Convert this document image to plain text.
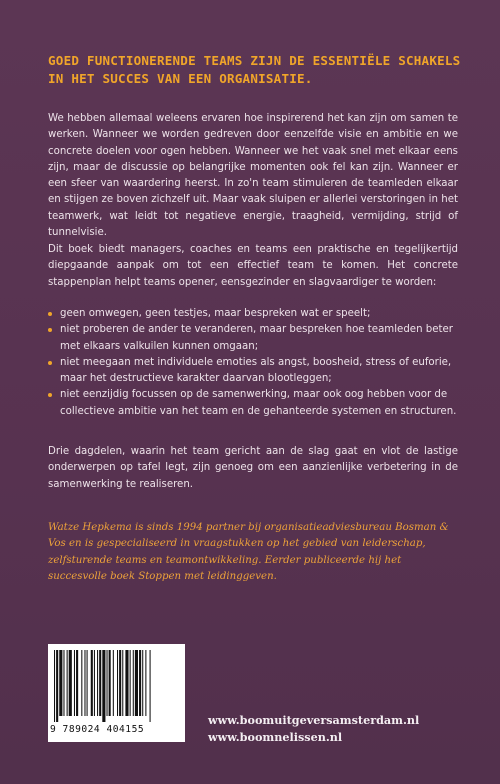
GOED FUNCTIONERENDE TEAMS ZIJN DE ESSENTIËLE SCHAKELS IN HET SUCCES VAN EEN ORGANISATIE.
We hebben allemaal weleens ervaren hoe inspirerend het kan zijn om samen te werken. Wanneer we worden gedreven door eenzelfde visie en ambitie en we concrete doelen voor ogen hebben. Wanneer we het vaak snel met elkaar eens zijn, maar de discussie op belangrijke momenten ook fel kan zijn. Wanneer er een sfeer van waardering heerst. In zo'n team stimuleren de teamleden elkaar en stijgen ze boven zichzelf uit. Maar vaak sluipen er allerlei verstoringen in het teamwerk, wat leidt tot negatieve energie, traagheid, vermijding, strijd of tunnelvisie.
Dit boek biedt managers, coaches en teams een praktische en tegelijkertijd diepgaande aanpak om tot een effectief team te komen. Het concrete stappenplan helpt teams opener, eensgezinder en slagvaardiger te worden:
geen omwegen, geen testjes, maar bespreken wat er speelt;
niet proberen de ander te veranderen, maar bespreken hoe teamleden beter met elkaars valkuilen kunnen omgaan;
niet meegaan met individuele emoties als angst, boosheid, stress of euforie, maar het destructieve karakter daarvan blootleggen;
niet eenzijdig focussen op de samenwerking, maar ook oog hebben voor de collectieve ambitie van het team en de gehanteerde systemen en structuren.
Drie dagdelen, waarin het team gericht aan de slag gaat en vlot de lastige onderwerpen op tafel legt, zijn genoeg om een aanzienlijke verbetering in de samenwerking te realiseren.
Watze Hepkema is sinds 1994 partner bij organisatieadviesbureau Bosman & Vos en is gespecialiseerd in vraagstukken op het gebied van leiderschap, zelfsturende teams en teamontwikkeling. Eerder publiceerde hij het succesvolle boek Stoppen met leidinggeven.
9 789024 404155
www.boomuitgeversamsterdam.nl
www.boomnelissen.nl
